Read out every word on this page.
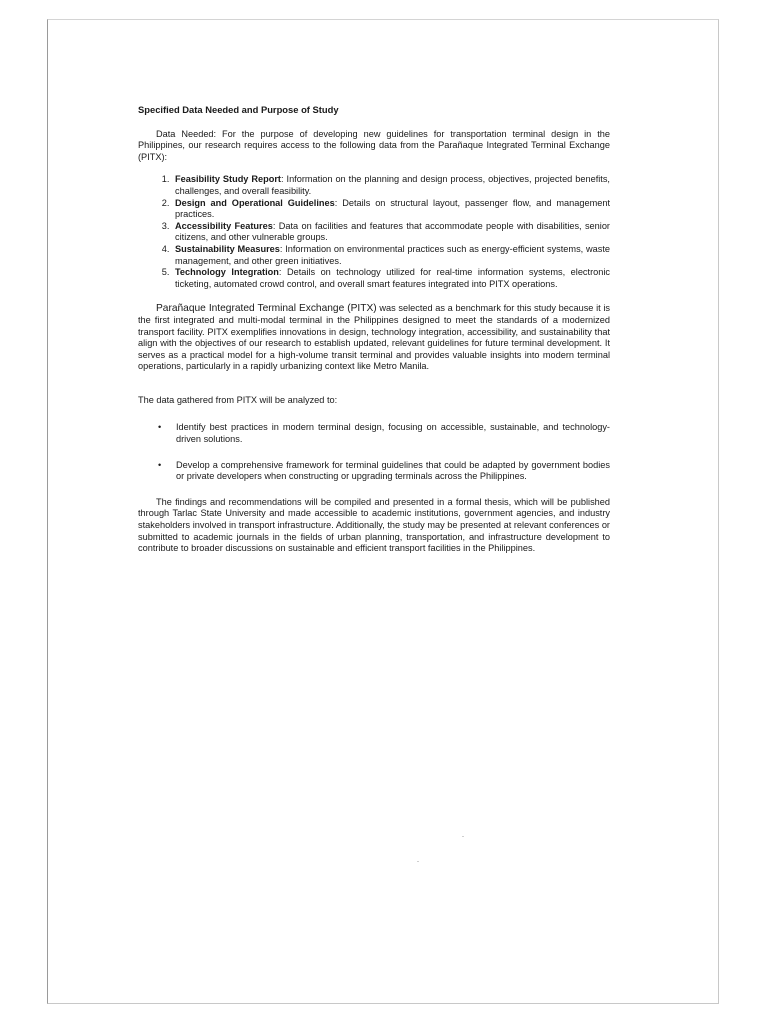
Specified Data Needed and Purpose of Study

Data Needed: For the purpose of developing new guidelines for transportation terminal design in the Philippines, our research requires access to the following data from the Parañaque Integrated Terminal Exchange (PITX):

1. Feasibility Study Report: Information on the planning and design process, objectives, projected benefits, challenges, and overall feasibility.
2. Design and Operational Guidelines: Details on structural layout, passenger flow, and management practices.
3. Accessibility Features: Data on facilities and features that accommodate people with disabilities, senior citizens, and other vulnerable groups.
4. Sustainability Measures: Information on environmental practices such as energy-efficient systems, waste management, and other green initiatives.
5. Technology Integration: Details on technology utilized for real-time information systems, electronic ticketing, automated crowd control, and overall smart features integrated into PITX operations.

Parañaque Integrated Terminal Exchange (PITX) was selected as a benchmark for this study because it is the first integrated and multi-modal terminal in the Philippines designed to meet the standards of a modernized transport facility. PITX exemplifies innovations in design, technology integration, accessibility, and sustainability that align with the objectives of our research to establish updated, relevant guidelines for future terminal development. It serves as a practical model for a high-volume transit terminal and provides valuable insights into modern terminal operations, particularly in a rapidly urbanizing context like Metro Manila.

The data gathered from PITX will be analyzed to:

• Identify best practices in modern terminal design, focusing on accessible, sustainable, and technology-driven solutions.
• Develop a comprehensive framework for terminal guidelines that could be adapted by government bodies or private developers when constructing or upgrading terminals across the Philippines.

The findings and recommendations will be compiled and presented in a formal thesis, which will be published through Tarlac State University and made accessible to academic institutions, government agencies, and industry stakeholders involved in transport infrastructure. Additionally, the study may be presented at relevant conferences or submitted to academic journals in the fields of urban planning, transportation, and infrastructure development to contribute to broader discussions on sustainable and efficient transport facilities in the Philippines.
